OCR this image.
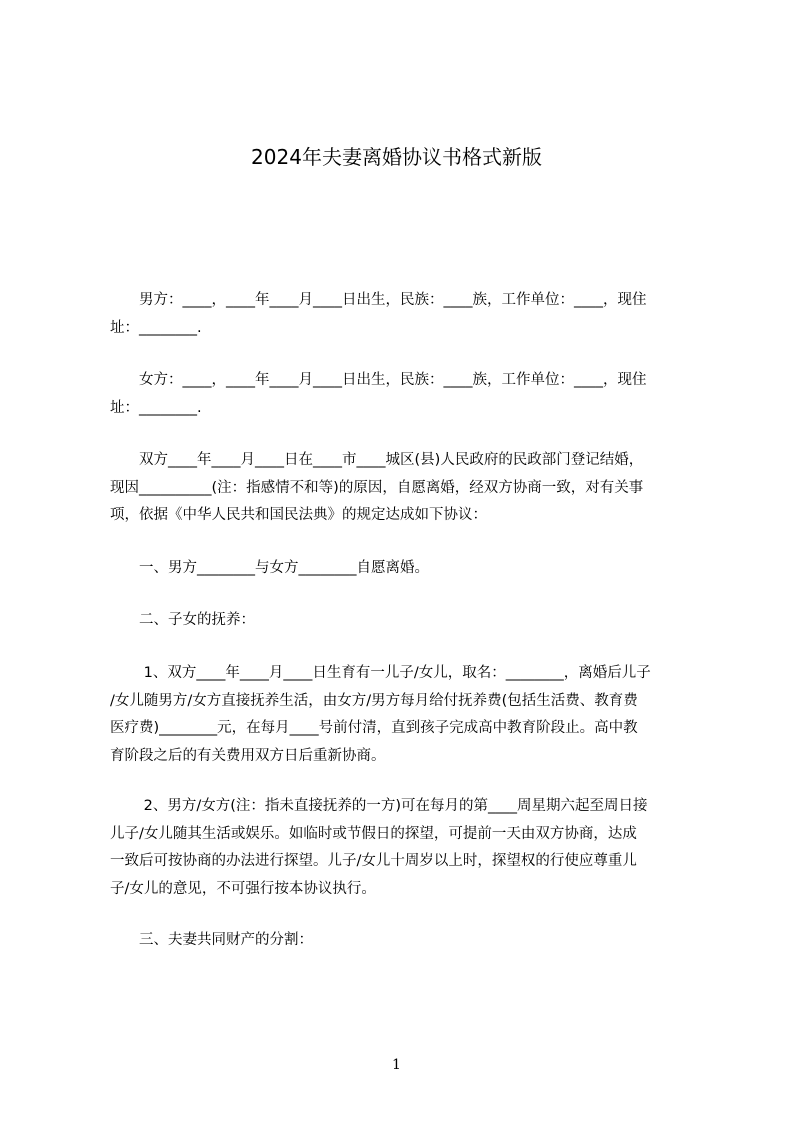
2024年夫妻离婚协议书格式新版
　　男方：____，____年____月____日出生，民族：____族，工作单位：____，现住
址：________.
　　女方：____，____年____月____日出生，民族：____族，工作单位：____，现住
址：________.
　　双方____年____月____日在____市____城区(县)人民政府的民政部门登记结婚，
现因__________(注：指感情不和等)的原因，自愿离婚，经双方协商一致，对有关事
项，依据《中华人民共和国民法典》的规定达成如下协议：
　　一、男方________与女方________自愿离婚。
　　二、子女的抚养：
　　 1、双方____年____月____日生育有一儿子/女儿，取名：________，离婚后儿子
/女儿随男方/女方直接抚养生活，由女方/男方每月给付抚养费(包括生活费、教育费
医疗费)________元，在每月____号前付清，直到孩子完成高中教育阶段止。高中教
育阶段之后的有关费用双方日后重新协商。
　　 2、男方/女方(注：指未直接抚养的一方)可在每月的第____周星期六起至周日接
儿子/女儿随其生活或娱乐。如临时或节假日的探望，可提前一天由双方协商，达成
一致后可按协商的办法进行探望。儿子/女儿十周岁以上时，探望权的行使应尊重儿
子/女儿的意见，不可强行按本协议执行。
　　三、夫妻共同财产的分割：
1
